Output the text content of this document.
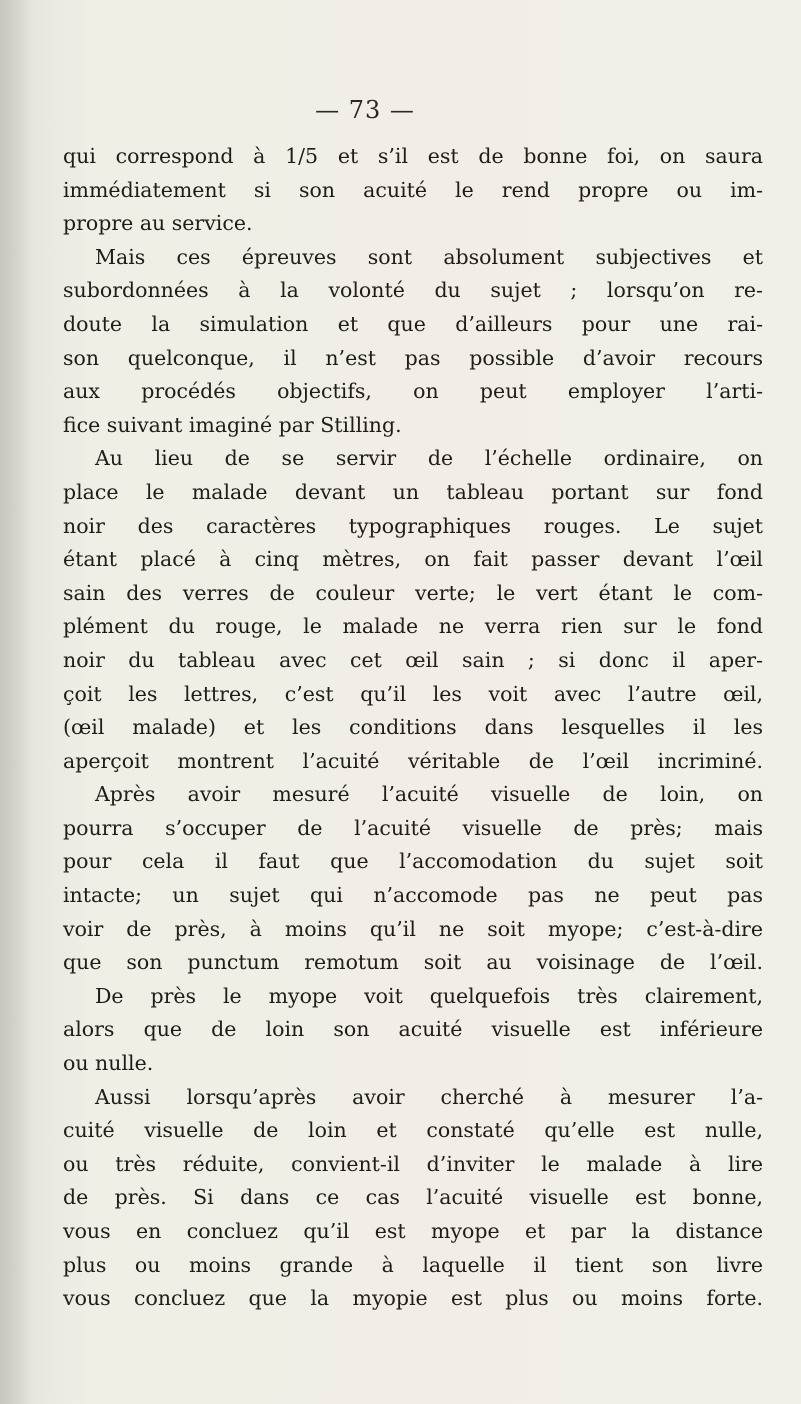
— 73 —
qui correspond à 1/5 et s’il est de bonne foi, on saura
immédiatement si son acuité le rend propre ou im-
propre au service.
Mais ces épreuves sont absolument subjectives et
subordonnées à la volonté du sujet ; lorsqu’on re-
doute la simulation et que d’ailleurs pour une rai-
son quelconque, il n’est pas possible d’avoir recours
aux procédés objectifs, on peut employer l’arti-
fice suivant imaginé par Stilling.
Au lieu de se servir de l’échelle ordinaire, on
place le malade devant un tableau portant sur fond
noir des caractères typographiques rouges. Le sujet
étant placé à cinq mètres, on fait passer devant l’œil
sain des verres de couleur verte; le vert étant le com-
plément du rouge, le malade ne verra rien sur le fond
noir du tableau avec cet œil sain ; si donc il aper-
çoit les lettres, c’est qu’il les voit avec l’autre œil,
(œil malade) et les conditions dans lesquelles il les
aperçoit montrent l’acuité véritable de l’œil incriminé.
Après avoir mesuré l’acuité visuelle de loin, on
pourra s’occuper de l’acuité visuelle de près; mais
pour cela il faut que l’accomodation du sujet soit
intacte; un sujet qui n’accomode pas ne peut pas
voir de près, à moins qu’il ne soit myope; c’est-à-dire
que son punctum remotum soit au voisinage de l’œil.
De près le myope voit quelquefois très clairement,
alors que de loin son acuité visuelle est inférieure
ou nulle.
Aussi lorsqu’après avoir cherché à mesurer l’a-
cuité visuelle de loin et constaté qu’elle est nulle,
ou très réduite, convient-il d’inviter le malade à lire
de près. Si dans ce cas l’acuité visuelle est bonne,
vous en concluez qu’il est myope et par la distance
plus ou moins grande à laquelle il tient son livre
vous concluez que la myopie est plus ou moins forte.
